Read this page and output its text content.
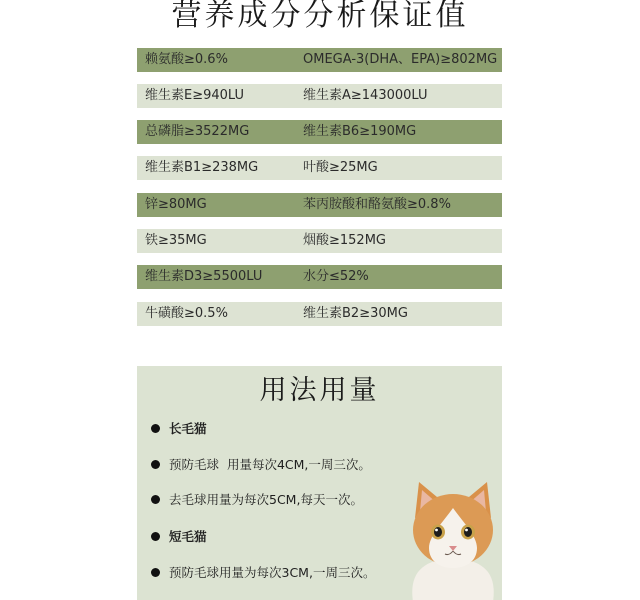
营养成分分析保证值
赖氨酸≥0.6%	OMEGA-3(DHA、EPA)≥802MG
维生素E≥940LU	维生素A≥143000LU
总磷脂≥3522MG	维生素B6≥190MG
维生素B1≥238MG	叶酸≥25MG
锌≥80MG	苯丙胺酸和酪氨酸≥0.8%
铁≥35MG	烟酸≥152MG
维生素D3≥5500LU	水分≤52%
牛磺酸≥0.5%	维生素B2≥30MG
用法用量
长毛猫
预防毛球  用量每次4CM,一周三次。
去毛球用量为每次5CM,每天一次。
短毛猫
预防毛球用量为每次3CM,一周三次。
